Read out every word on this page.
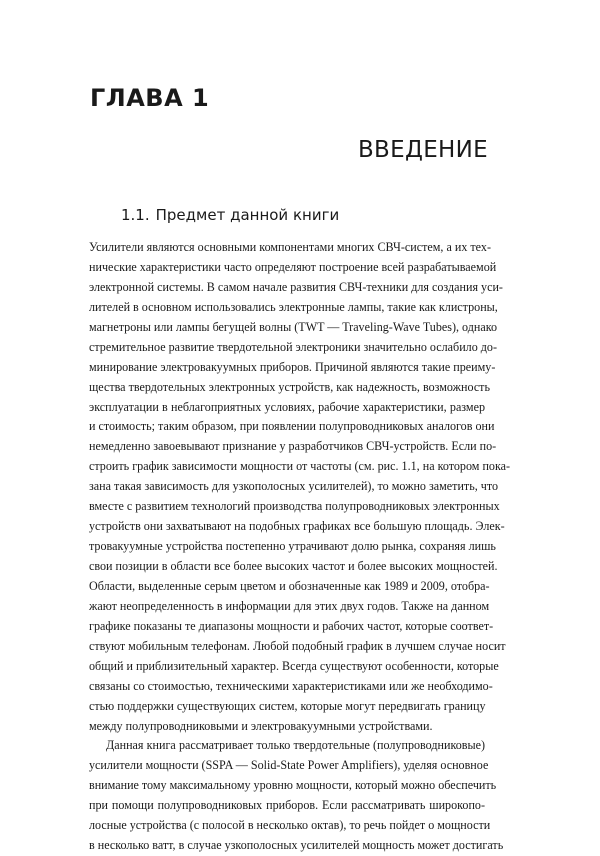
ГЛАВА 1
ВВЕДЕНИЕ
1.1. Предмет данной книги
Усилители являются основными компонентами многих СВЧ-систем, а их тех-
нические характеристики часто определяют построение всей разрабатываемой
электронной системы. В самом начале развития СВЧ-техники для создания уси-
лителей в основном использовались электронные лампы, такие как клистроны,
магнетроны или лампы бегущей волны (TWT — Traveling-Wave Tubes), однако
стремительное развитие твердотельной электроники значительно ослабило до-
минирование электровакуумных приборов. Причиной являются такие преиму-
щества твердотельных электронных устройств, как надежность, возможность
эксплуатации в неблагоприятных условиях, рабочие характеристики, размер
и стоимость; таким образом, при появлении полупроводниковых аналогов они
немедленно завоевывают признание у разработчиков СВЧ-устройств. Если по-
строить график зависимости мощности от частоты (см. рис. 1.1, на котором пока-
зана такая зависимость для узкополосных усилителей), то можно заметить, что
вместе с развитием технологий производства полупроводниковых электронных
устройств они захватывают на подобных графиках все большую площадь. Элек-
тровакуумные устройства постепенно утрачивают долю рынка, сохраняя лишь
свои позиции в области все более высоких частот и более высоких мощностей.
Области, выделенные серым цветом и обозначенные как 1989 и 2009, отобра-
жают неопределенность в информации для этих двух годов. Также на данном
графике показаны те диапазоны мощности и рабочих частот, которые соответ-
ствуют мобильным телефонам. Любой подобный график в лучшем случае носит
общий и приблизительный характер. Всегда существуют особенности, которые
связаны со стоимостью, техническими характеристиками или же необходимо-
стью поддержки существующих систем, которые могут передвигать границу
между полупроводниковыми и электровакуумными устройствами.
Данная книга рассматривает только твердотельные (полупроводниковые)
усилители мощности (SSPA — Solid-State Power Amplifiers), уделяя основное
внимание тому максимальному уровню мощности, который можно обеспечить
при помощи полупроводниковых приборов. Если рассматривать широкопо-
лосные устройства (с полосой в несколько октав), то речь пойдет о мощности
в несколько ватт, в случае узкополосных усилителей мощность может достигать
